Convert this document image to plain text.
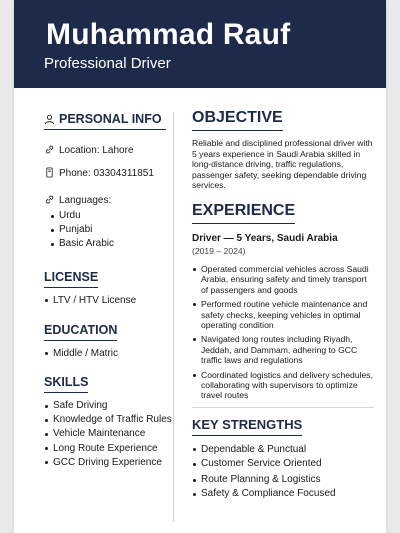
Muhammad Rauf
Professional Driver
PERSONAL INFO
Location: Lahore
Phone: 03304311851
Languages:
Urdu
Punjabi
Basic Arabic
LICENSE
LTV / HTV License
EDUCATION
Middle / Matric
SKILLS
Safe Driving
Knowledge of Traffic Rules
Vehicle Maintenance
Long Route Experience
GCC Driving Experience
OBJECTIVE

Reliable and disciplined professional driver with 5 years experience in Saudi Arabia skilled in long-distance driving, traffic regulations, passenger safety, seeking dependable driving services.

EXPERIENCE
Driver — 5 Years, Saudi Arabia
(2019 – 2024)
Operated commercial vehicles across Saudi Arabia, ensuring safety and timely transport of passengers and goods
Performed routine vehicle maintenance and safety checks, keeping vehicles in optimal operating condition
Navigated long routes including Riyadh, Jeddah, and Dammam, adhering to GCC traffic laws and regulations
Coordinated logistics and delivery schedules, collaborating with supervisors to optimize travel routes
KEY STRENGTHS
Dependable & Punctual
Customer Service Oriented
Route Planning & Logistics
Safety & Compliance Focused
